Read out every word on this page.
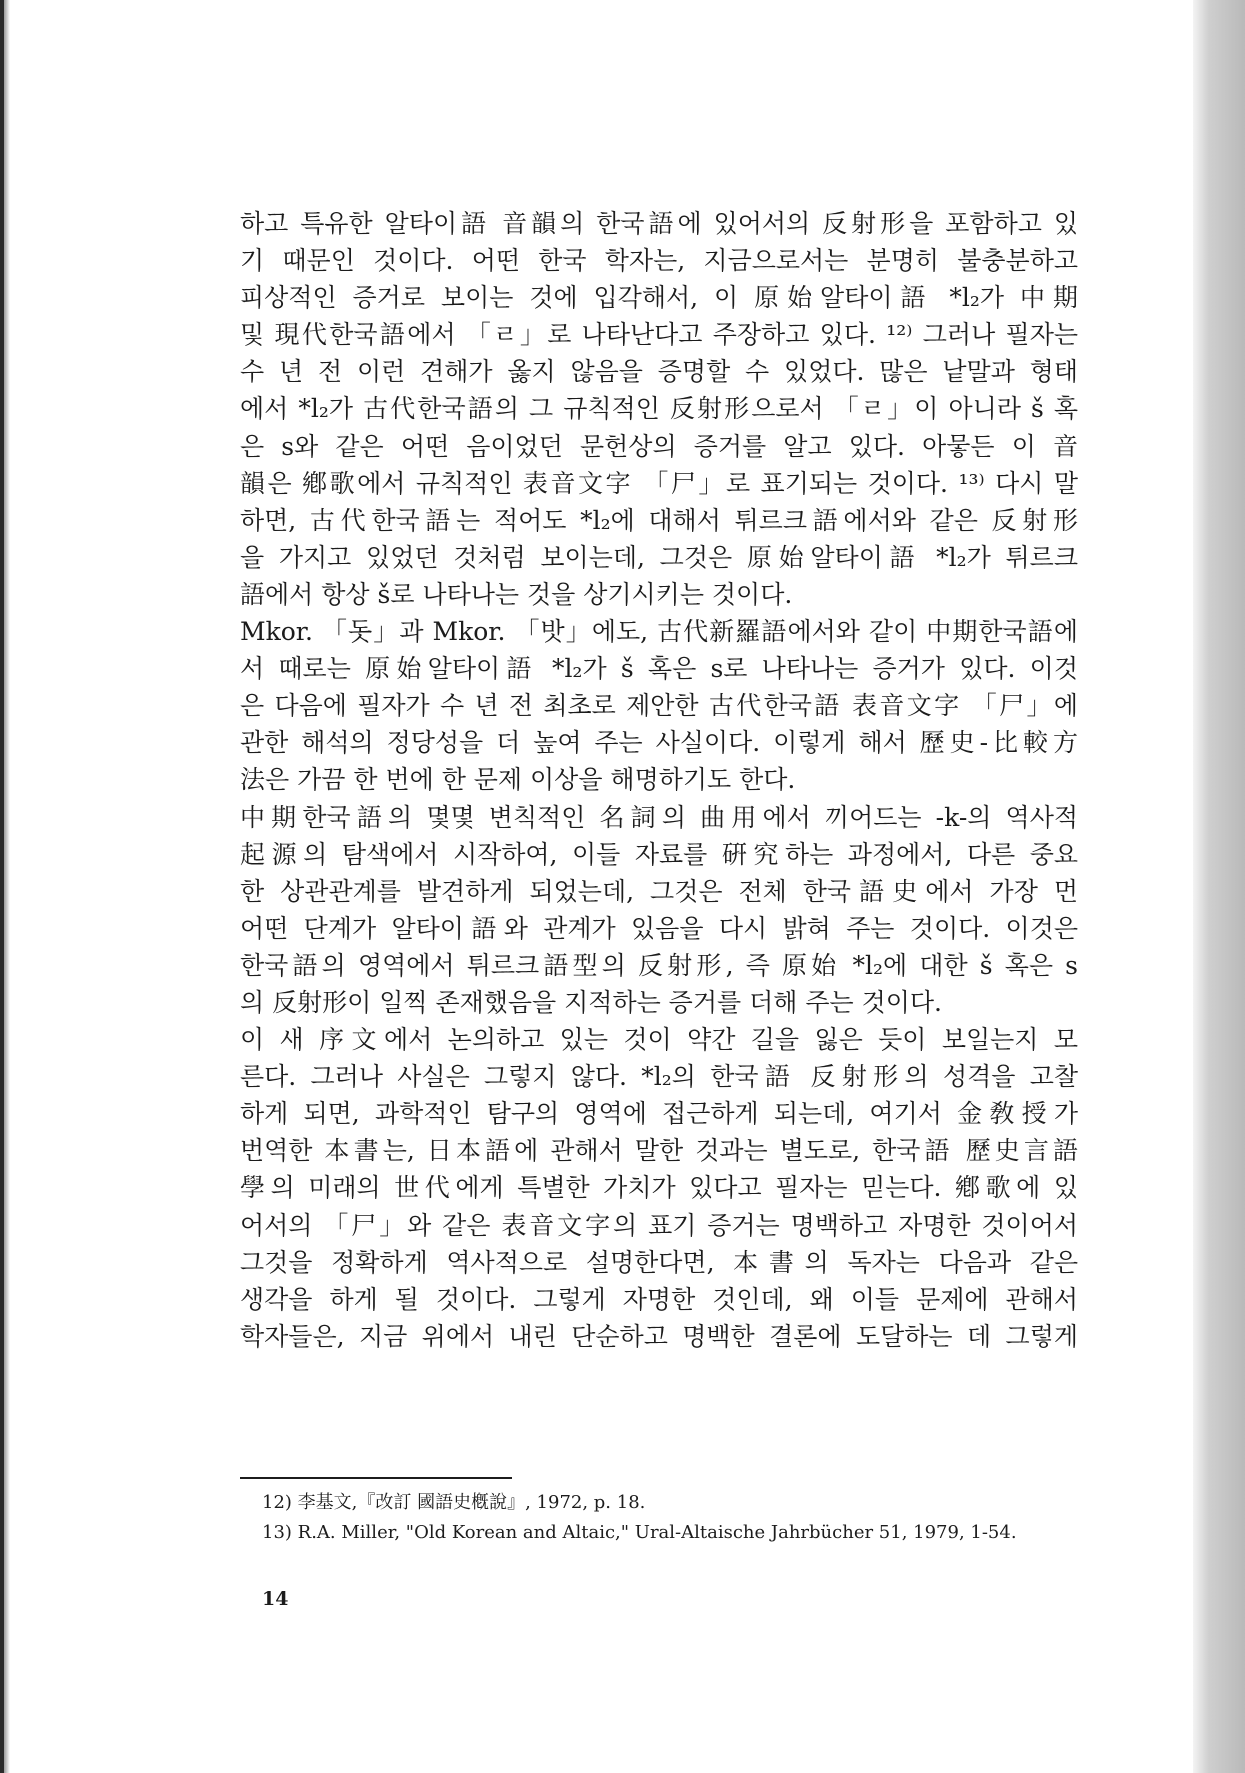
하고 특유한 알타이語 音韻의 한국語에 있어서의 反射形을 포함하고 있
기 때문인 것이다. 어떤 한국 학자는, 지금으로서는 분명히 불충분하고
피상적인 증거로 보이는 것에 입각해서, 이 原始알타이語 *l₂가 中期
및 現代한국語에서 「ㄹ」로 나타난다고 주장하고 있다. ¹²⁾ 그러나 필자는
수 년 전 이런 견해가 옳지 않음을 증명할 수 있었다. 많은 낱말과 형태
에서 *l₂가 古代한국語의 그 규칙적인 反射形으로서 「ㄹ」이 아니라 š 혹
은 s와 같은 어떤 음이었던 문헌상의 증거를 알고 있다. 아뭏든 이 音
韻은 鄕歌에서 규칙적인 表音文字 「尸」로 표기되는 것이다. ¹³⁾ 다시 말
하면, 古代한국語는 적어도 *l₂에 대해서 튀르크語에서와 같은 反射形
을 가지고 있었던 것처럼 보이는데, 그것은 原始알타이語 *l₂가 튀르크
語에서 항상 š로 나타나는 것을 상기시키는 것이다.
Mkor. 「돗」과 Mkor. 「밧」에도, 古代新羅語에서와 같이 中期한국語에
서 때로는 原始알타이語 *l₂가 š 혹은 s로 나타나는 증거가 있다. 이것
은 다음에 필자가 수 년 전 최초로 제안한 古代한국語 表音文字 「尸」에
관한 해석의 정당성을 더 높여 주는 사실이다. 이렇게 해서 歷史-比較方
法은 가끔 한 번에 한 문제 이상을 해명하기도 한다.
中期한국語의 몇몇 변칙적인 名詞의 曲用에서 끼어드는 -k-의 역사적
起源의 탐색에서 시작하여, 이들 자료를 硏究하는 과정에서, 다른 중요
한 상관관계를 발견하게 되었는데, 그것은 전체 한국語史에서 가장 먼
어떤 단계가 알타이語와 관계가 있음을 다시 밝혀 주는 것이다. 이것은
한국語의 영역에서 튀르크語型의 反射形, 즉 原始 *l₂에 대한 š 혹은 s
의 反射形이 일찍 존재했음을 지적하는 증거를 더해 주는 것이다.
이 새 序文에서 논의하고 있는 것이 약간 길을 잃은 듯이 보일는지 모
른다. 그러나 사실은 그렇지 않다. *l₂의 한국語 反射形의 성격을 고찰
하게 되면, 과학적인 탐구의 영역에 접근하게 되는데, 여기서 金敎授가
번역한 本書는, 日本語에 관해서 말한 것과는 별도로, 한국語 歷史言語
學의 미래의 世代에게 특별한 가치가 있다고 필자는 믿는다. 鄕歌에 있
어서의 「尸」와 같은 表音文字의 표기 증거는 명백하고 자명한 것이어서
그것을 정확하게 역사적으로 설명한다면, 本書의 독자는 다음과 같은
생각을 하게 될 것이다. 그렇게 자명한 것인데, 왜 이들 문제에 관해서
학자들은, 지금 위에서 내린 단순하고 명백한 결론에 도달하는 데 그렇게
12) 李基文,『改訂 國語史槪說』, 1972, p. 18.
13) R.A. Miller, "Old Korean and Altaic," Ural-Altaische Jahrbücher 51, 1979, 1-54.
14
